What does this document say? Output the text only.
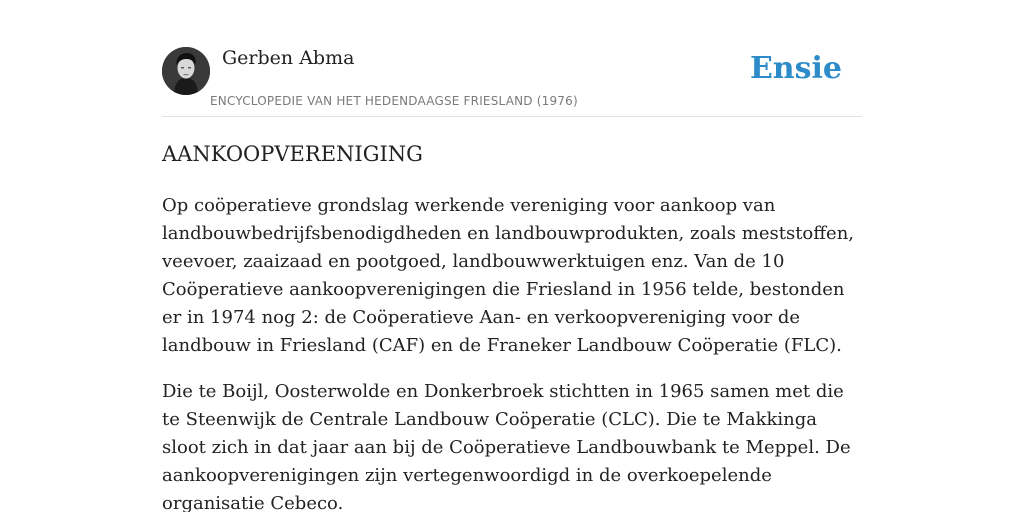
Gerben Abma
ENCYCLOPEDIE VAN HET HEDENDAAGSE FRIESLAND (1976)
Ensie
AANKOOPVERENIGING

Op coöperatieve grondslag werkende vereniging voor aankoop van landbouwbedrijfsbenodigdheden en landbouwprodukten, zoals meststoffen, veevoer, zaaizaad en pootgoed, landbouwwerktuigen enz. Van de 10 Coöperatieve aankoopverenigingen die Friesland in 1956 telde, bestonden er in 1974 nog 2: de Coöperatieve Aan- en verkoopvereniging voor de landbouw in Friesland (CAF) en de Franeker Landbouw Coöperatie (FLC).

Die te Boijl, Oosterwolde en Donkerbroek stichtten in 1965 samen met die te Steenwijk de Centrale Landbouw Coöperatie (CLC). Die te Makkinga sloot zich in dat jaar aan bij de Coöperatieve Landbouwbank te Meppel. De aankoopverenigingen zijn vertegenwoordigd in de overkoepelende organisatie Cebeco.
